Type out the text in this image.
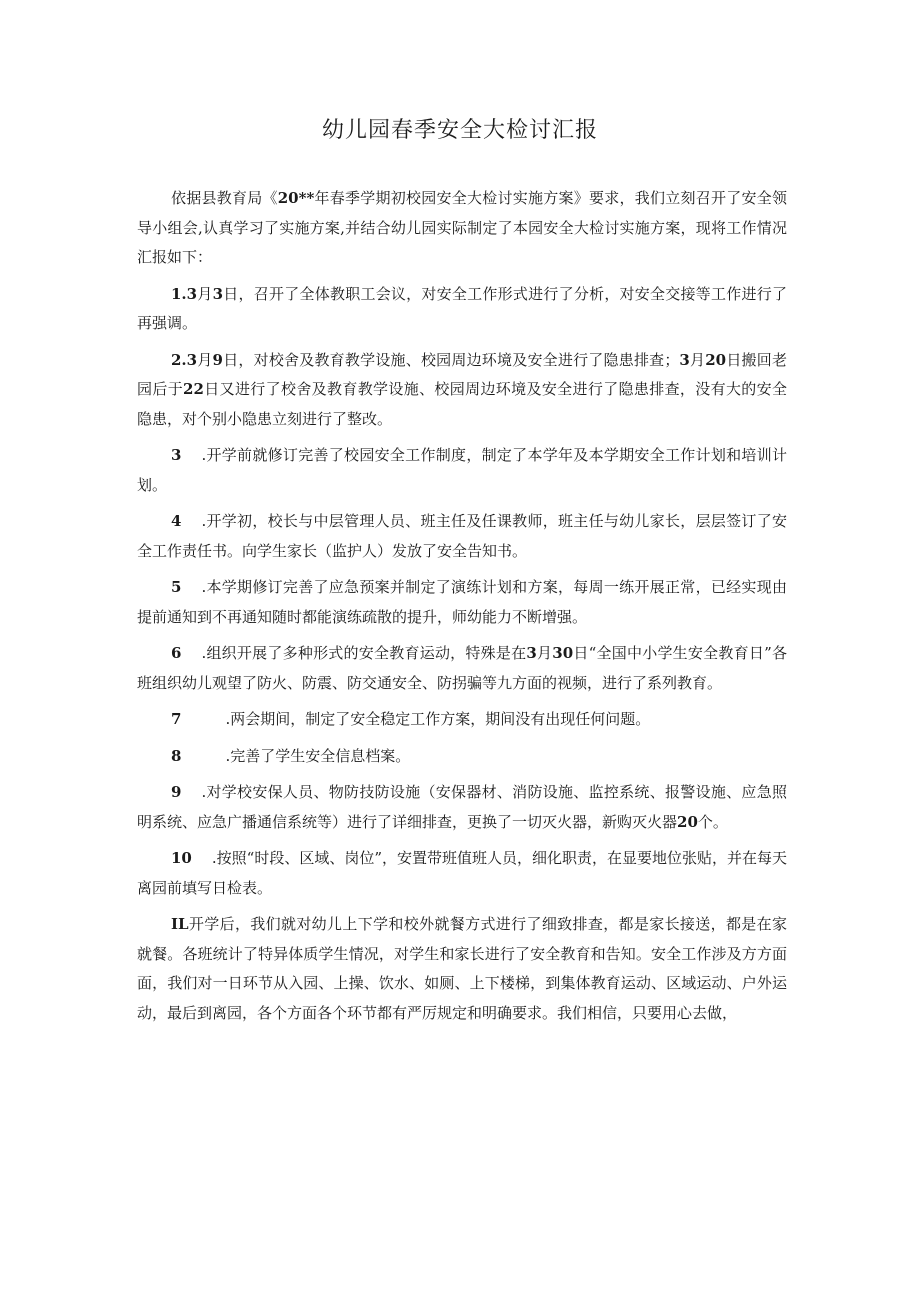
幼儿园春季安全大检讨汇报

依据县教育局《20**年春季学期初校园安全大检讨实施方案》要求，我们立刻召开了安全领导小组会,认真学习了实施方案,并结合幼儿园实际制定了本园安全大检讨实施方案，现将工作情况汇报如下：

1.3月3日，召开了全体教职工会议，对安全工作形式进行了分析，对安全交接等工作进行了再强调。

2.3月9日，对校舍及教育教学设施、校园周边环境及安全进行了隐患排查；3月20日搬回老园后于22日又进行了校舍及教育教学设施、校园周边环境及安全进行了隐患排查，没有大的安全隐患，对个别小隐患立刻进行了整改。

3 .开学前就修订完善了校园安全工作制度，制定了本学年及本学期安全工作计划和培训计划。

4 .开学初，校长与中层管理人员、班主任及任课教师，班主任与幼儿家长，层层签订了安全工作责任书。向学生家长（监护人）发放了安全告知书。

5 .本学期修订完善了应急预案并制定了演练计划和方案，每周一练开展正常，已经实现由提前通知到不再通知随时都能演练疏散的提升，师幼能力不断增强。

6 .组织开展了多种形式的安全教育运动，特殊是在3月30日“全国中小学生安全教育日”各班组织幼儿观望了防火、防震、防交通安全、防拐骗等九方面的视频，进行了系列教育。

7	.两会期间，制定了安全稳定工作方案，期间没有出现任何问题。

8	.完善了学生安全信息档案。

9 .对学校安保人员、物防技防设施（安保器材、消防设施、监控系统、报警设施、应急照明系统、应急广播通信系统等）进行了详细排查，更换了一切灭火器，新购灭火器20个。

10 .按照“时段、区域、岗位”，安置带班值班人员，细化职责，在显要地位张贴，并在每天离园前填写日检表。

IL开学后，我们就对幼儿上下学和校外就餐方式进行了细致排查，都是家长接送，都是在家就餐。各班统计了特异体质学生情况，对学生和家长进行了安全教育和告知。安全工作涉及方方面面，我们对一日环节从入园、上操、饮水、如厕、上下楼梯，到集体教育运动、区域运动、户外运动，最后到离园，各个方面各个环节都有严厉规定和明确要求。我们相信，只要用心去做，
